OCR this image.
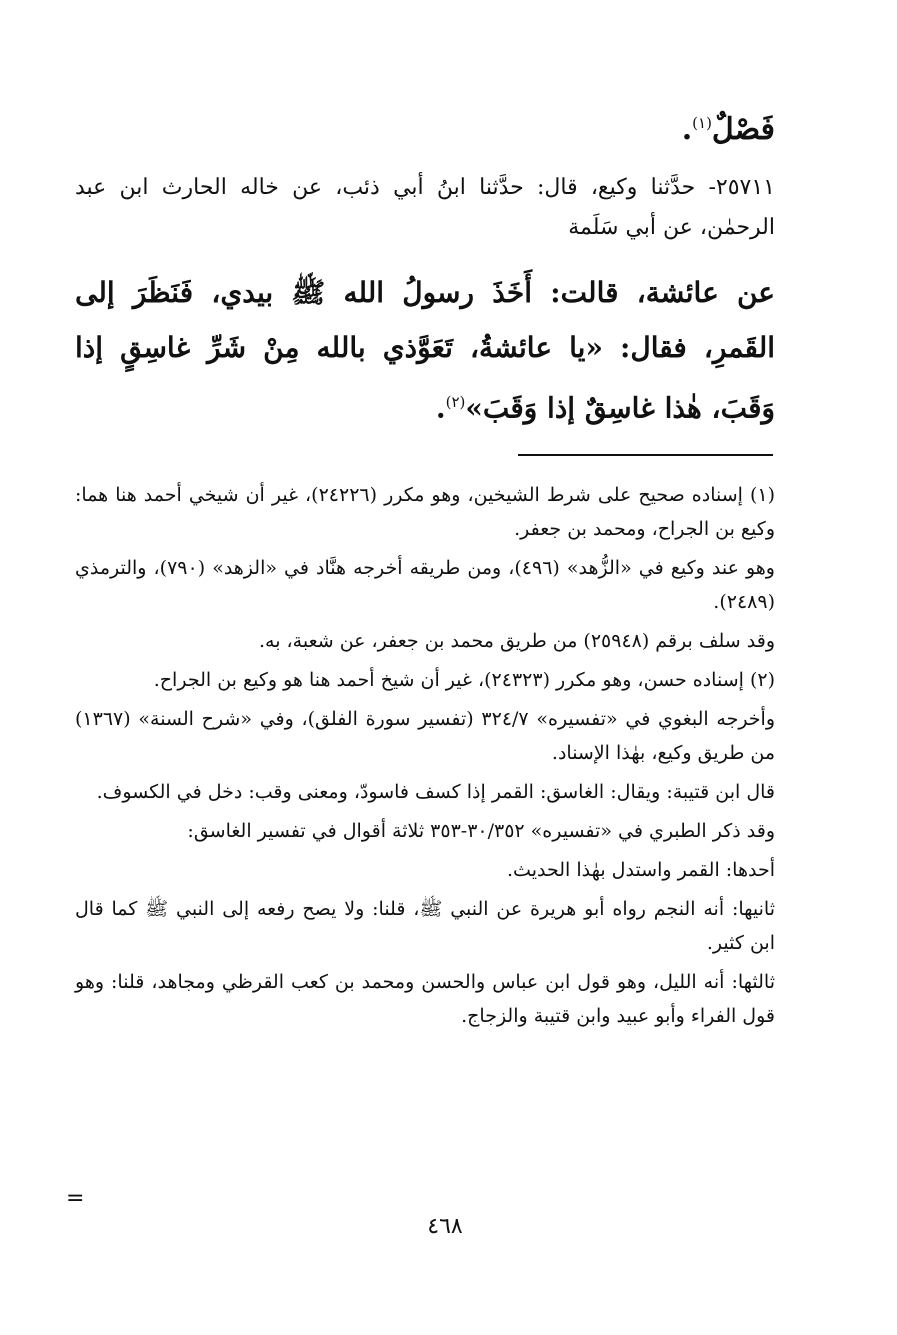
فَصْلٌ$^{(١)}$.
٢٥٧١١- حدَّثنا وكيع، قال: حدَّثنا ابنُ أبي ذئب، عن خاله الحارث ابن عبد الرحمٰن، عن أبي سَلَمة
عن عائشة، قالت: أَخَذَ رسولُ الله ﷺ بيدي، فَنَظَرَ إلى القَمرِ، فقال: «يا عائشةُ، تَعَوَّذي بالله مِنْ شَرِّ غاسِقٍ إذا وَقَبَ، هٰذا غاسِقٌ إذا وَقَبَ»$^{(٢)}$.

(١) إسناده صحيح على شرط الشيخين، وهو مكرر (٢٤٢٢٦)، غير أن شيخي أحمد هنا هما: وكيع بن الجراح، ومحمد بن جعفر.

وهو عند وكيع في «الزُّهد» (٤٩٦)، ومن طريقه أخرجه هنَّاد في «الزهد» (٧٩٠)، والترمذي (٢٤٨٩).

وقد سلف برقم (٢٥٩٤٨) من طريق محمد بن جعفر، عن شعبة، به.

(٢) إسناده حسن، وهو مكرر (٢٤٣٢٣)، غير أن شيخ أحمد هنا هو وكيع بن الجراح.

وأخرجه البغوي في «تفسيره» ٣٢٤/٧ (تفسير سورة الفلق)، وفي «شرح السنة» (١٣٦٧) من طريق وكيع، بهٰذا الإسناد.

قال ابن قتيبة: ويقال: الغاسق: القمر إذا كسف فاسودّ، ومعنى وقب: دخل في الكسوف.

وقد ذكر الطبري في «تفسيره» ٣٠/٣٥٢-٣٥٣ ثلاثة أقوال في تفسير الغاسق:

أحدها: القمر واستدل بهٰذا الحديث.

ثانيها: أنه النجم رواه أبو هريرة عن النبي ﷺ، قلنا: ولا يصح رفعه إلى النبي ﷺ كما قال ابن كثير.

ثالثها: أنه الليل، وهو قول ابن عباس والحسن ومحمد بن كعب القرظي ومجاهد، قلنا: وهو قول الفراء وأبو عبيد وابن قتيبة والزجاج.

=
٤٦٨
